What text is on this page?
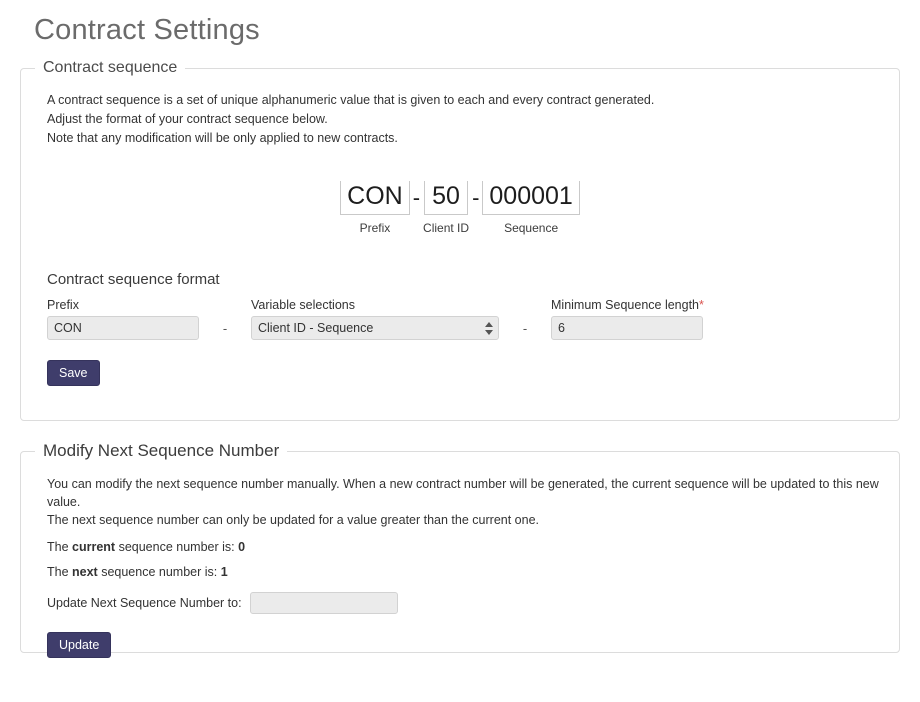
Contract Settings
Contract sequence
A contract sequence is a set of unique alphanumeric value that is given to each and every contract generated.
Adjust the format of your contract sequence below.
Note that any modification will be only applied to new contracts.
CON
Prefix
- 50
Client ID
- 000001
Sequence
Contract sequence format
Prefix
CON
-
Variable selections
Client ID - Sequence
-
Minimum Sequence length*
6
Save
Modify Next Sequence Number
You can modify the next sequence number manually. When a new contract number will be generated, the current sequence will be updated to this new value.
The next sequence number can only be updated for a value greater than the current one.
The current sequence number is: 0
The next sequence number is: 1
Update Next Sequence Number to:
Update
